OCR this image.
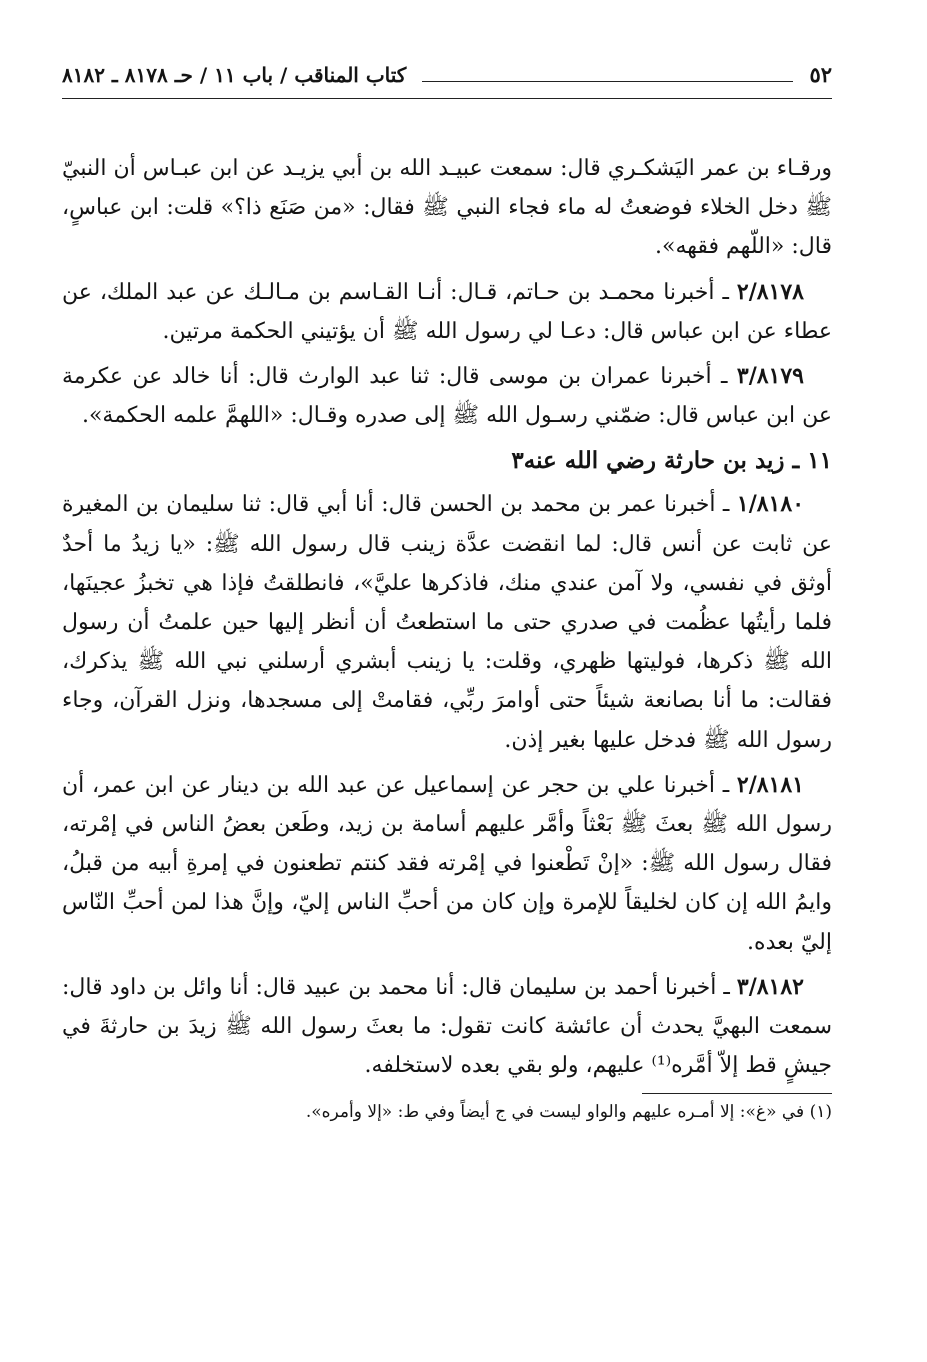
٥٢
كتاب المناقب / باب ١١ / حـ ٨١٧٨ ـ ٨١٨٢

ورقـاء بن عمر اليَشكـري قال: سمعت عبيـد الله بن أبي يزيـد عن ابن عبـاس أن النبيّ ﷺ دخل الخلاء فوضعتُ له ماء فجاء النبي ﷺ فقال: «من صَنَع ذا؟» قلت: ابن عباسٍ، قال: «اللّهم فقهه».

٢/٨١٧٨ ـ أخبرنا محمـد بن حـاتم، قـال: أنـا القـاسم بن مـالـك عن عبد الملك، عن عطاء عن ابن عباس قال: دعـا لي رسول الله ﷺ أن يؤتيني الحكمة مرتين.

٣/٨١٧٩ ـ أخبرنا عمران بن موسى قال: ثنا عبد الوارث قال: أنا خالد عن عكرمة عن ابن عباس قال: ضمّني رسـول الله ﷺ إلى صدره وقـال: «اللهمَّ علمه الحكمة».

١١ ـ زيد بن حارثة رضي الله عنه٣

١/٨١٨٠ ـ أخبرنا عمر بن محمد بن الحسن قال: أنا أبي قال: ثنا سليمان بن المغيرة عن ثابت عن أنس قال: لما انقضت عدَّة زينب قال رسول الله ﷺ: «يا زيدُ ما أحدٌ أوثق في نفسي، ولا آمن عندي منك، فاذكرها عليَّ»، فانطلقتُ فإذا هي تخبزُ عجينَها، فلما رأيتُها عظُمت في صدري حتى ما استطعتُ أن أنظر إليها حين علمتُ أن رسول الله ﷺ ذكرها، فوليتها ظهري، وقلت: يا زينب أبشري أرسلني نبي الله ﷺ يذكرك، فقالت: ما أنا بصانعة شيئاً حتى أوامرَ ربِّي، فقامتْ إلى مسجدها، ونزل القرآن، وجاء رسول الله ﷺ فدخل عليها بغير إذن.

٢/٨١٨١ ـ أخبرنا علي بن حجر عن إسماعيل عن عبد الله بن دينار عن ابن عمر، أن رسول الله ﷺ بعثَ ﷺ بَعْثاً وأمَّر عليهم أسامة بن زيد، وطَعن بعضُ الناس في إمْرته، فقال رسول الله ﷺ: «إنْ تَطْعنوا في إمْرته فقد كنتم تطعنون في إمرةِ أبيه من قبلُ، وايمُ الله إن كان لخليقاً للإمرة وإن كان من أحبِّ الناس إليّ، وإنَّ هذا لمن أحبِّ النّاس إليّ بعده.

٣/٨١٨٢ ـ أخبرنا أحمد بن سليمان قال: أنا محمد بن عبيد قال: أنا وائل بن داود قال: سمعت البهيَّ يحدث أن عائشة كانت تقول: ما بعثَ رسول الله ﷺ زيدَ بن حارثةَ في جيشٍ قط إلاّ أمَّره⁽¹⁾ عليهم، ولو بقي بعده لاستخلفه.

(١) في «غ»: إلا أمـره عليهم والواو ليست في ج أيضاً وفي ط: «إلا وأمره».
